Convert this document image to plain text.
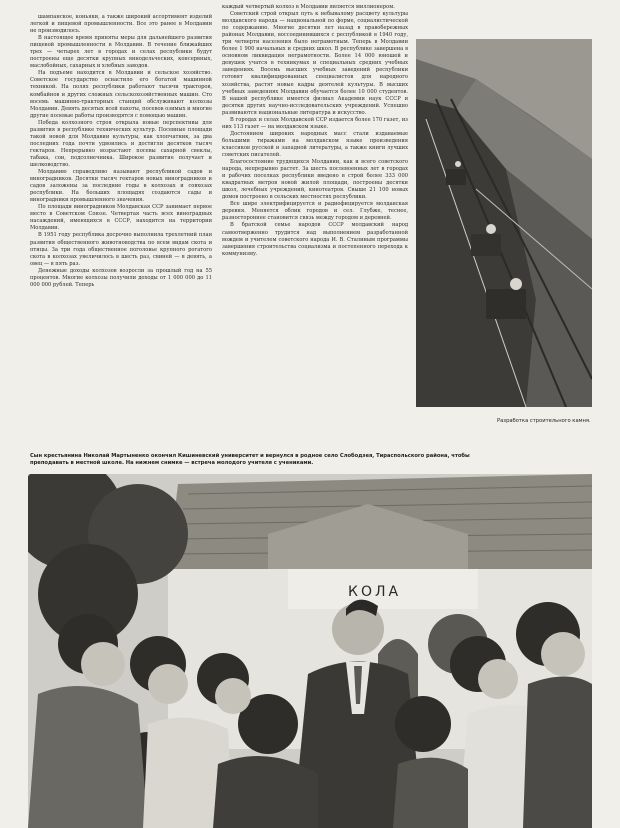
шампанское, коньяки, а также широкий ассортимент изделий легкой и пищевой промышленности. Все это ранее в Молдавии не производилось.

В настоящее время приняты меры для дальнейшего развития пищевой промышленности в Молдавии. В течение ближайших трех — четырех лет в городах и селах республики будут построены еще десятки крупных винодельческих, консервных, маслобойных, сахарных и хлебных заводов.

На подъеме находится в Молдавии и сельское хозяйство. Советское государство оснастило его богатой машинной техникой. На полях республики работают тысячи тракторов, комбайнов и других сложных сельскохозяйственных машин. Сто восемь машинно-тракторных станций обслуживают колхозы Молдавии. Девять десятых всей пахоты, посевов озимых и многие другие полевые работы производятся с помощью машин.

Победа колхозного строя открыла новые перспективы для развития в республике технических культур. Посевные площади такой новой для Молдавии культуры, как хлопчатник, за два последних года почти удвоились и достигли десятков тысяч гектаров. Непрерывно возрастают посевы сахарной свеклы, табака, сои, подсолнечника. Широкое развитие получает и шелководство.

Молдавию справедливо называют республикой садов и виноградников. Десятки тысяч гектаров новых виноградников и садов заложены за последние годы в колхозах и совхозах республики. На больших площадях создаются сады и виноградники промышленного значения.

По площади виноградников Молдавская ССР занимает первое место в Советском Союзе. Четвертая часть всех виноградных насаждений, имеющихся в СССР, находится на территории Молдавии.

В 1951 году республика досрочно выполнила трехлетний план развития общественного животноводства по всем видам скота и птицы. За три года общественное поголовье крупного рогатого скота в колхозах увеличилось в шесть раз, свиней — в девять, а овец — в пять раз.

Денежные доходы колхозов возросли за прошлый год на 55 процентов. Многие колхозы получили доходы от 1 000 000 до 11 000 000 рублей. Теперь

каждый четвертый колхоз в Молдавии является миллионером.

Советский строй открыл путь к небывалому расцвету культуры молдавского народа — национальной по форме, социалистической по содержанию. Многие десятки лет назад в правобережных районах Молдавии, воссоединившихся с республикой в 1940 году, три четверти населения было неграмотным. Теперь в Молдавии более 1 900 начальных и средних школ. В республике завершена в основном ликвидация неграмотности. Более 14 000 юношей и девушек учатся в техникумах и специальных средних учебных заведениях. Восемь высших учебных заведений республики готовят квалифицированных специалистов для народного хозяйства, растят новые кадры деятелей культуры. В высших учебных заведениях Молдавии обучается более 10 000 студентов. В нашей республике имеется филиал Академии наук СССР и десятки других научно-исследовательских учреждений. Успешно развиваются национальные литература и искусство.

В городах и селах Молдавской ССР издается более 170 газет, из них 113 газет — на молдавском языке.

Достоянием широких народных масс стали издаваемые большими тиражами на молдавском языке произведения классиков русской и западной литературы, а также книги лучших советских писателей.

Благосостояние трудящихся Молдавии, как и всего советского народа, непрерывно растет. За шесть послевоенных лет в городах и рабочих поселках республики введено в строй более 333 000 квадратных метров новой жилой площади, построены десятки школ, лечебных учреждений, кинотеатров. Свыше 21 100 новых домов построено в сельских местностях республики.

Все шире электрифицируется и радиофицируется молдавская деревня. Меняется облик городов и сел. Глубже, теснее, разностороннее становится связь между городом и деревней.

В братской семье народов СССР молдавский народ самоотверженно трудится над выполнением разработанной вождем и учителем советского народа И. В. Сталиным программы завершения строительства социализма и постепенного перехода к коммунизму.

Разработка строительного камня.
Сын крестьянина Николай Мартыненко окончил Кишиневский университет и вернулся в родное село Слободзея, Тираспольского района, чтобы преподавать в местной школе. На нижнем снимке — встреча молодого учителя с учениками.
КОЛА
